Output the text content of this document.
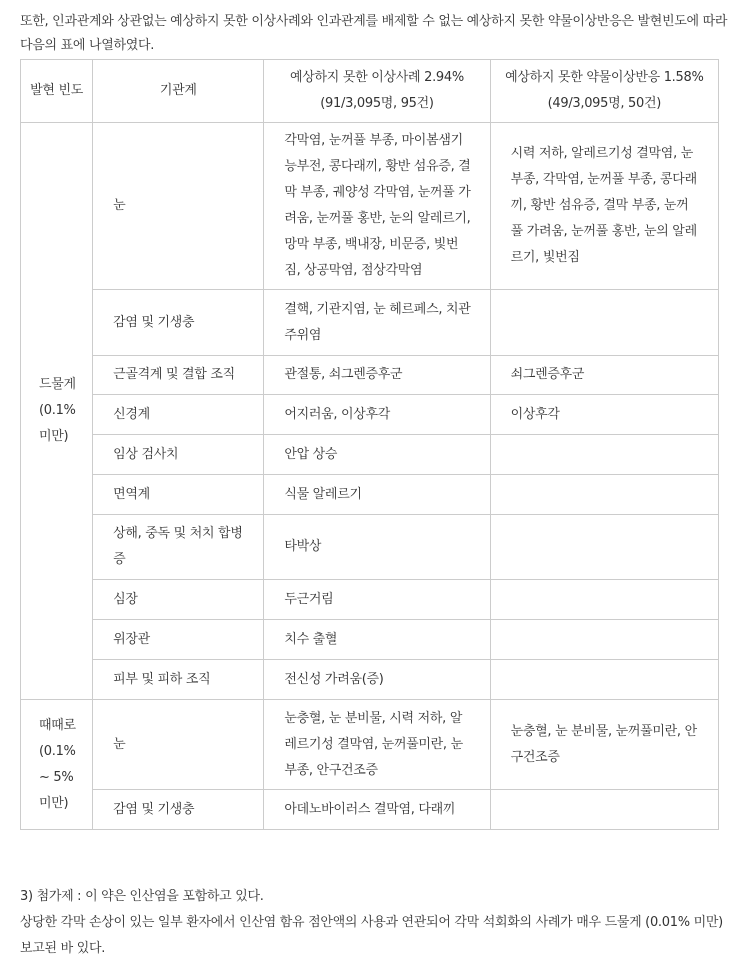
또한, 인과관계와 상관없는 예상하지 못한 이상사례와 인과관계를 배제할 수 없는 예상하지 못한 약물이상반응은 발현빈도에 따라 다음의 표에 나열하였다.
발현 빈도	기관계	예상하지 못한 이상사례 2.94% (91/3,095명, 95건)	예상하지 못한 약물이상반응 1.58%(49/3,095명, 50건)

드물게 (0.1% 미만)	눈	각막염, 눈꺼풀 부종, 마이봄샘기능부전, 콩다래끼, 황반 섬유증, 결막 부종, 궤양성 각막염, 눈꺼풀 가려움, 눈꺼풀 홍반, 눈의 알레르기, 망막 부종, 백내장, 비문증, 빛번짐, 상공막염, 점상각막염	시력 저하, 알레르기성 결막염, 눈부종, 각막염, 눈꺼풀 부종, 콩다래끼, 황반 섬유증, 결막 부종, 눈꺼풀 가려움, 눈꺼풀 홍반, 눈의 알레르기, 빛번짐
	감염 및 기생충	결핵, 기관지염, 눈 헤르페스, 치관주위염	
	근골격계 및 결합 조직	관절통, 쇠그렌증후군	쇠그렌증후군
	신경계	어지러움, 이상후각	이상후각
	임상 검사치	안압 상승	
	면역계	식물 알레르기	
	상해, 중독 및 처치 합병증	타박상	
	심장	두근거림	
	위장관	치수 출혈	
	피부 및 피하 조직	전신성 가려움(증)	

때때로 (0.1% ~ 5% 미만)	눈	눈충혈, 눈 분비물, 시력 저하, 알레르기성 결막염, 눈꺼풀미란, 눈부종, 안구건조증	눈충혈, 눈 분비물, 눈꺼풀미란, 안구건조증
	감염 및 기생충	아데노바이러스 결막염, 다래끼	

3) 첨가제 : 이 약은 인산염을 포함하고 있다.

상당한 각막 손상이 있는 일부 환자에서 인산염 함유 점안액의 사용과 연관되어 각막 석회화의 사례가 매우 드물게 (0.01% 미만) 보고된 바 있다.
